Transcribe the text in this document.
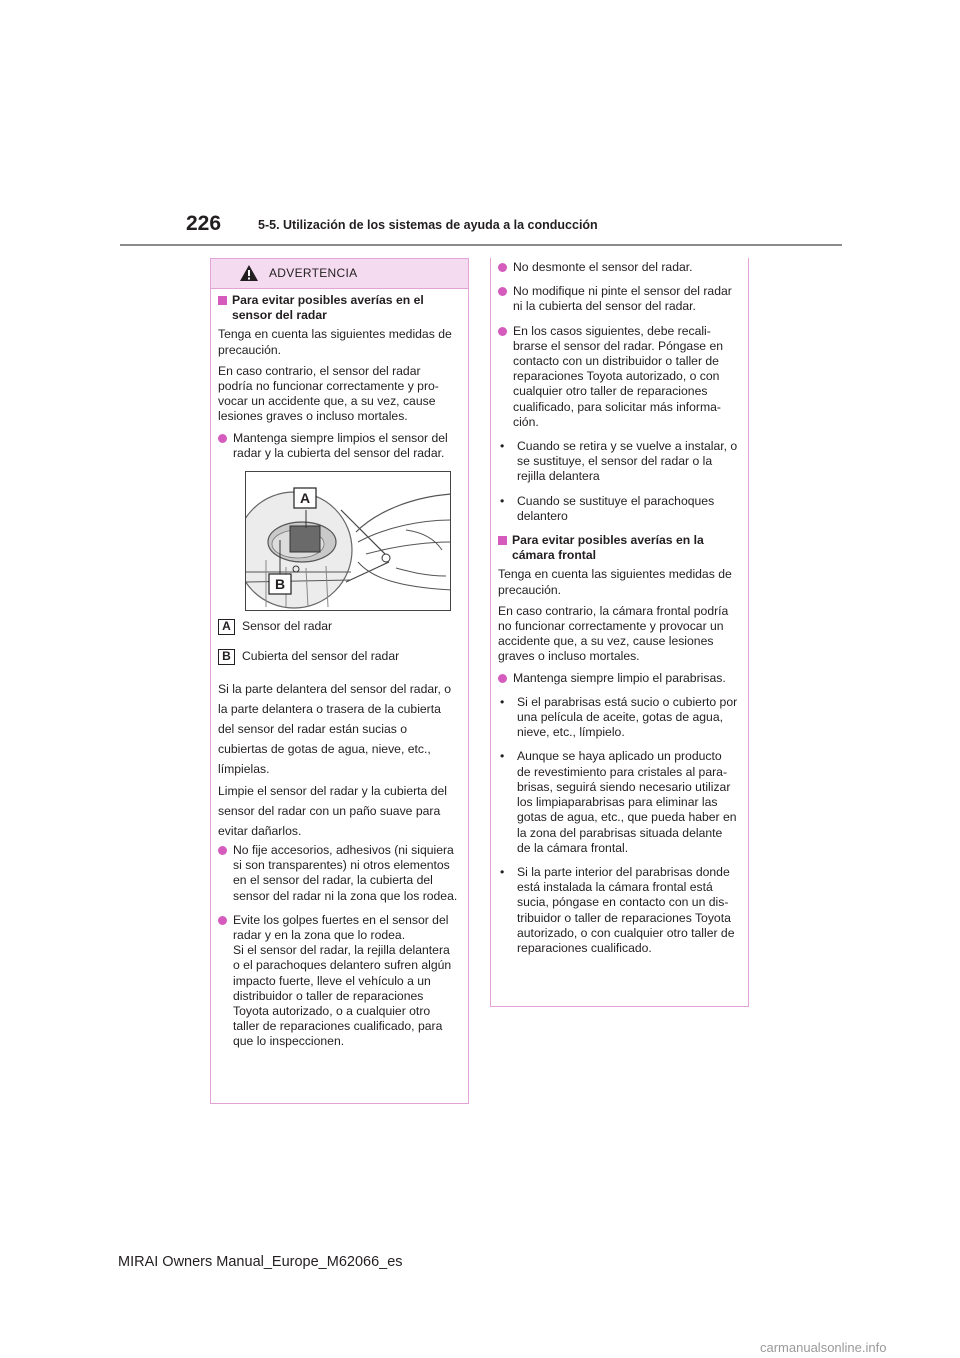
226	5-5. Utilización de los sistemas de ayuda a la conducción
ADVERTENCIA
Para evitar posibles averías en el sensor del radar

Tenga en cuenta las siguientes medidas de precaución.

En caso contrario, el sensor del radar podría no funcionar correctamente y provocar un accidente que, a su vez, cause lesiones graves o incluso mortales.

Mantenga siempre limpios el sensor del radar y la cubierta del sensor del radar.
A
B
A Sensor del radar
B Cubierta del sensor del radar

Si la parte delantera del sensor del radar, o la parte delantera o trasera de la cubierta del sensor del radar están sucias o cubiertas de gotas de agua, nieve, etc., límpielas.

Limpie el sensor del radar y la cubierta del sensor del radar con un paño suave para evitar dañarlos.

No fije accesorios, adhesivos (ni siquiera si son transparentes) ni otros elementos en el sensor del radar, la cubierta del sensor del radar ni la zona que los rodea.
Evite los golpes fuertes en el sensor del radar y en la zona que lo rodea.
Si el sensor del radar, la rejilla delantera o el parachoques delantero sufren algún impacto fuerte, lleve el vehículo a un distribuidor o taller de reparaciones Toyota autorizado, o a cualquier otro taller de reparaciones cualificado, para que lo inspeccionen.
No desmonte el sensor del radar.
No modifique ni pinte el sensor del radar ni la cubierta del sensor del radar.
En los casos siguientes, debe recalibrarse el sensor del radar. Póngase en contacto con un distribuidor o taller de reparaciones Toyota autorizado, o con cualquier otro taller de reparaciones cualificado, para solicitar más información.
•	Cuando se retira y se vuelve a instalar, o se sustituye, el sensor del radar o la rejilla delantera
•	Cuando se sustituye el parachoques delantero
Para evitar posibles averías en la cámara frontal

Tenga en cuenta las siguientes medidas de precaución.

En caso contrario, la cámara frontal podría no funcionar correctamente y provocar un accidente que, a su vez, cause lesiones graves o incluso mortales.

Mantenga siempre limpio el parabrisas.
•	Si el parabrisas está sucio o cubierto por una película de aceite, gotas de agua, nieve, etc., límpielo.
•	Aunque se haya aplicado un producto de revestimiento para cristales al parabrisas, seguirá siendo necesario utilizar los limpiaparabrisas para eliminar las gotas de agua, etc., que pueda haber en la zona del parabrisas situada delante de la cámara frontal.
•	Si la parte interior del parabrisas donde está instalada la cámara frontal está sucia, póngase en contacto con un distribuidor o taller de reparaciones Toyota autorizado, o con cualquier otro taller de reparaciones cualificado.
MIRAI Owners Manual_Europe_M62066_es
carmanualsonline.info
